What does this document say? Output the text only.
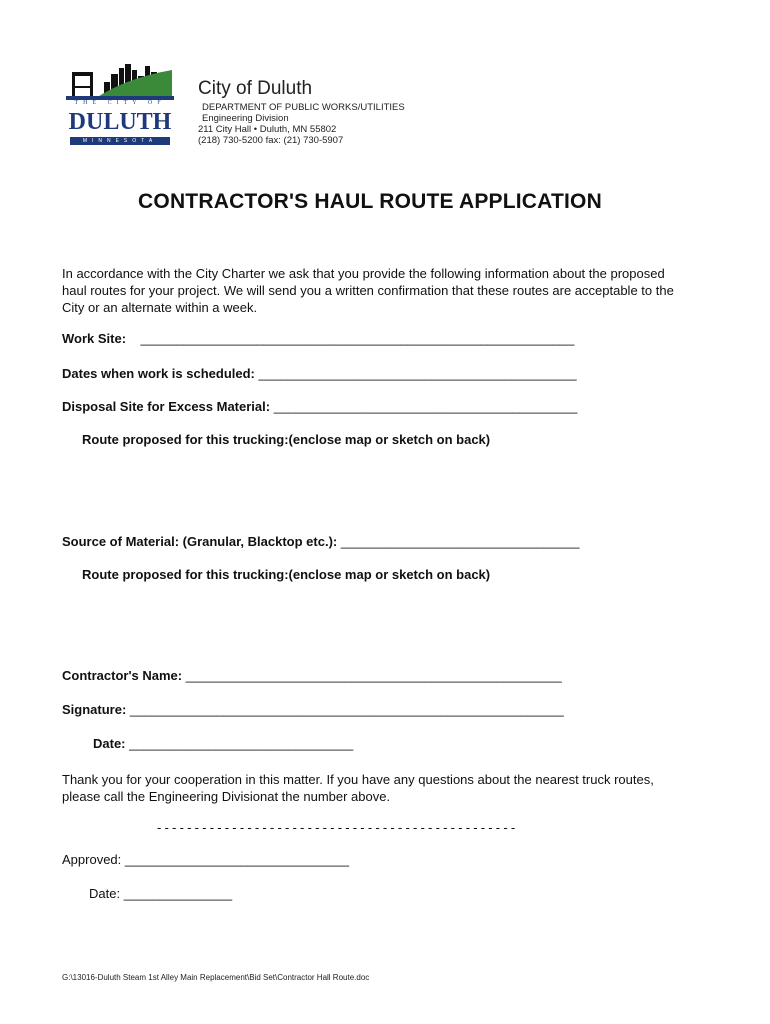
THE CITY OF
DULUTH
MINNESOTA
City of Duluth
DEPARTMENT OF PUBLIC WORKS/UTILITIES
Engineering Division
211 City Hall • Duluth, MN 55802
(218) 730-5200 fax: (21) 730-5907
CONTRACTOR'S HAUL ROUTE APPLICATION
In accordance with the City Charter we ask that you provide the following information about the proposed haul routes for your project. We will send you a written confirmation that these routes are acceptable to the City or an alternate within a week.
Work Site: ____________________________________________________________
Dates when work is scheduled: ____________________________________________
Disposal Site for Excess Material: __________________________________________
Route proposed for this trucking:(enclose map or sketch on back)
Source of Material: (Granular, Blacktop etc.): _________________________________
Route proposed for this trucking:(enclose map or sketch on back)
Contractor's Name: ____________________________________________________
Signature: ____________________________________________________________
Date: _______________________________
Thank you for your cooperation in this matter. If you have any questions about the nearest truck routes, please call the Engineering Divisionat the number above.
------------------------------------------------
Approved: _______________________________
Date: _______________
G:\13016-Duluth Steam 1st Alley Main Replacement\Bid Set\Contractor Hall Route.doc
